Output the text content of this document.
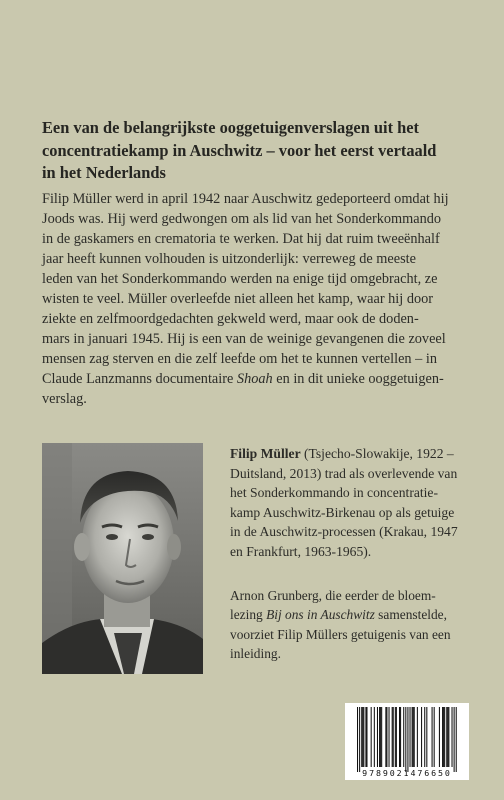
Een van de belangrijkste ooggetuigenverslagen uit het
concentratiekamp in Auschwitz – voor het eerst vertaald
in het Nederlands
Filip Müller werd in april 1942 naar Auschwitz gedeporteerd omdat hij
Joods was. Hij werd gedwongen om als lid van het Sonderkommando
in de gaskamers en crematoria te werken. Dat hij dat ruim tweeënhalf
jaar heeft kunnen volhouden is uitzonderlijk: verreweg de meeste
leden van het Sonderkommando werden na enige tijd omgebracht, ze
wisten te veel. Müller overleefde niet alleen het kamp, waar hij door
ziekte en zelfmoordgedachten gekweld werd, maar ook de doden-
mars in januari 1945. Hij is een van de weinige gevangenen die zoveel
mensen zag sterven en die zelf leefde om het te kunnen vertellen – in
Claude Lanzmanns documentaire Shoah en in dit unieke ooggetuigen-
verslag.
Filip Müller (Tsjecho-Slowakije, 1922 –
Duitsland, 2013) trad als overlevende van
het Sonderkommando in concentratie-
kamp Auschwitz-Birkenau op als getuige
in de Auschwitz-processen (Krakau, 1947
en Frankfurt, 1963-1965).
Arnon Grunberg, die eerder de bloem-
lezing Bij ons in Auschwitz samenstelde,
voorziet Filip Müllers getuigenis van een
inleiding.
9789021476650
